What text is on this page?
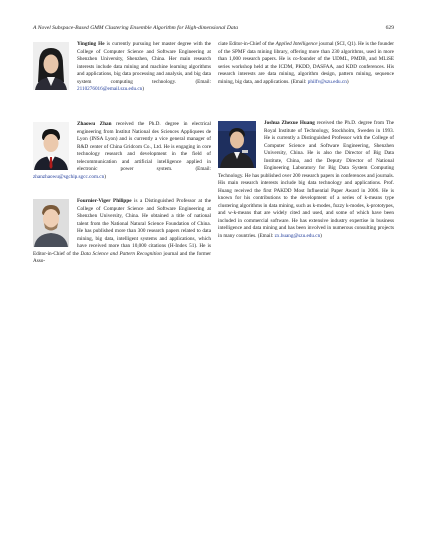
A Novel Subspace-Based GMM Clustering Ensemble Algorithm for High-dimensional Data	629

Yingting He is currently pursuing her master degree with the College of Computer Science and Software Engineering at Shenzhen University, Shenzhen, China. Her main research interests include data mining and machine learning algorithms and applications, big data processing and analysis, and big data system computing technology.	(Email: 2110276016@email.szu.edu.cn)

Zhaowu Zhan received the Ph.D. degree in electrical engineering from Institut National des Sciences Appliquees de Lyon (INSA Lyon) and is currently a vice general manager of R&D center of China Gridcom Co., Ltd. He is engaging in core technology research and development in the field of telecommunication and artificial intelligence applied in electronic power system.	(Email: zhanzhaowu@sgchip.sgcc.com.cn)

Fournier-Viger Philippe is a Distinguished Professor at the College of Computer Science and Software Engineering at Shenzhen University, China. He obtained a title of national talent from the National Natural Science Foundation of China. He has published more than 300 research papers related to data mining, big data, intelligent systems and applications, which have received more than 10,000 citations (H-Index 51). He is Editor-in-Chief of the Data Science and Pattern Recognition journal and the former Asso-

ciate Editor-in-Chief of the Applied Intelligence journal (SCI, Q1). He is the founder of the SPMF data mining library, offering more than 230 algorithms, used in more than 1,000 research papers. He is co-founder of the UDML, PMDB, and MLiSE series workshop held at the ICDM, PKDD, DASFAA, and KDD conferences. His research interests are data mining, algorithm design, pattern mining, sequence mining, big data, and applications. (Email: philfv@szu.edu.cn)

Joshua Zhexue Huang received the Ph.D. degree from The Royal Institute of Technology, Stockholm, Sweden in 1993. He is currently a Distinguished Professor with the College of Computer Science and Software Engineering, Shenzhen University, China. He is also the Director of Big Data Institute, China, and the Deputy Director of National Engineering Laboratory for Big Data System Computing Technology. He has published over 200 research papers in conferences and journals. His main research interests include big data technology and applications. Prof. Huang received the first PAKDD Most Influential Paper Award in 2006. He is known for his contributions to the development of a series of k-means type clustering algorithms in data mining, such as k-modes, fuzzy k-modes, k-prototypes, and w-k-means that are widely cited and used, and some of which have been included in commercial software. He has extensive industry expertise in business intelligence and data mining and has been involved in numerous consulting projects in many countries. (Email: zx.huang@szu.edu.cn)
